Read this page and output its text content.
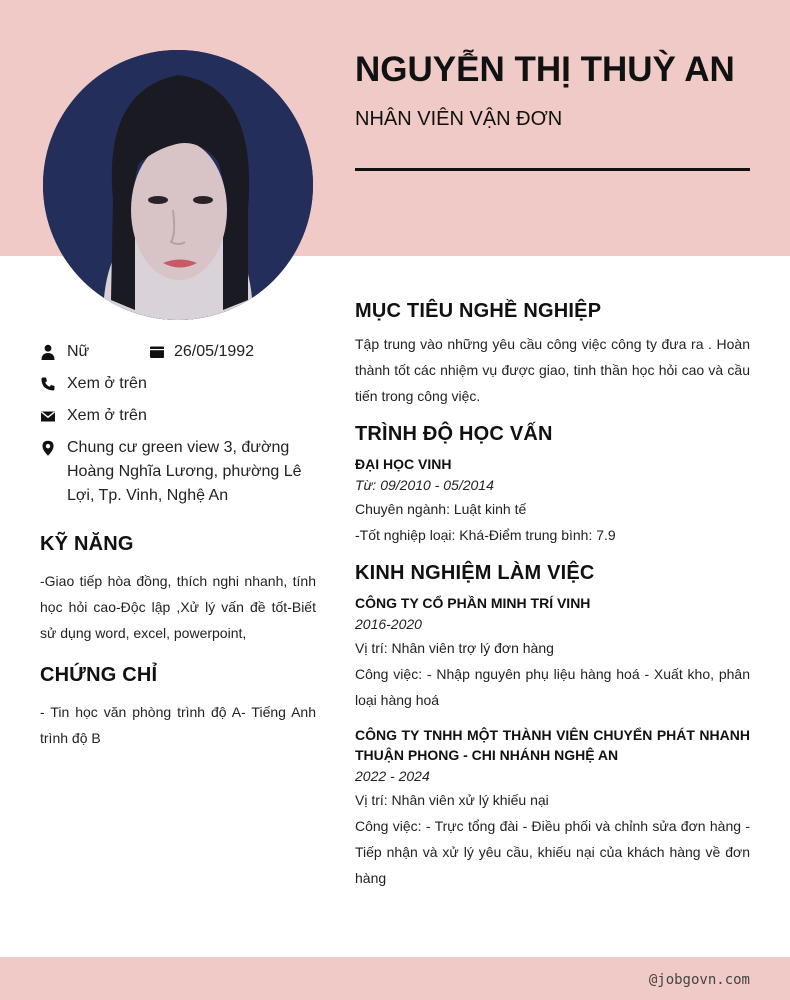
NGUYỄN THỊ THUỲ AN
NHÂN VIÊN VẬN ĐƠN
Nữ	26/05/1992
Xem ở trên
Xem ở trên
Chung cư green view 3, đường Hoàng Nghĩa Lương, phường Lê Lợi, Tp. Vinh, Nghệ An
KỸ NĂNG
-Giao tiếp hòa đồng, thích nghi nhanh, tính học hỏi cao-Độc lập ,Xử lý vấn đề tốt-Biết sử dụng word, excel, powerpoint,
CHỨNG CHỈ
- Tin học văn phòng trình độ A- Tiếng Anh trình độ B
MỤC TIÊU NGHỀ NGHIỆP
Tập trung vào những yêu cầu công việc công ty đưa ra . Hoàn thành tốt các nhiệm vụ được giao, tinh thần học hỏi cao và cầu tiến trong công việc.
TRÌNH ĐỘ HỌC VẤN
ĐẠI HỌC VINH
Từ: 09/2010 - 05/2014
Chuyên ngành: Luật kinh tế
-Tốt nghiệp loại: Khá-Điểm trung bình: 7.9
KINH NGHIỆM LÀM VIỆC
CÔNG TY CỔ PHẦN MINH TRÍ VINH
2016-2020
Vị trí: Nhân viên trợ lý đơn hàng
Công việc: - Nhập nguyên phụ liệu hàng hoá - Xuất kho, phân loại hàng hoá
CÔNG TY TNHH MỘT THÀNH VIÊN CHUYỂN PHÁT NHANH THUẬN PHONG - CHI NHÁNH NGHỆ AN
2022 - 2024
Vị trí: Nhân viên xử lý khiếu nại
Công việc: - Trực tổng đài - Điều phối và chỉnh sửa đơn hàng - Tiếp nhận và xử lý yêu cầu, khiếu nại của khách hàng về đơn hàng
@jobgovn.com
